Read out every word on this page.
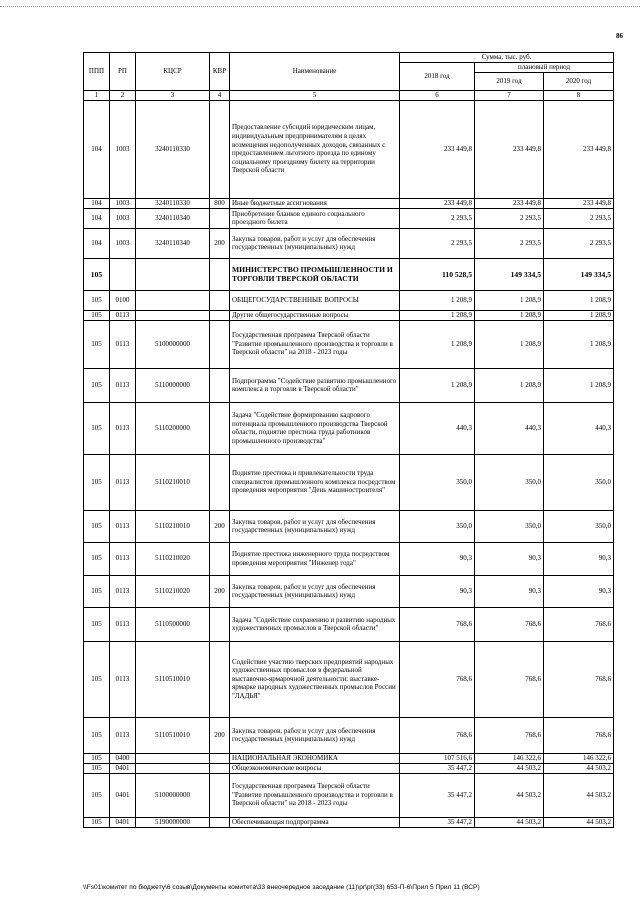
86
ППП	РП	КЦСР	КВР	Наименование	Сумма, тыс. руб.		
					2018 год	плановый период	
						2019 год	2020 год
1	2	3	4	5	6	7	8
104	1003	3240110330		Предоставление субсидий юридическим лицам, индивидуальным предпринимателям в целях возмещения недополученных доходов, связанных с предоставлением льготного проезда по единому социальному проездному билету на территории Тверской области	233 449,8	233 449,8	233 449,8
104	1003	3240110330	800	Иные бюджетные ассигнования	233 449,8	233 449,8	233 449,8
104	1003	3240110340		Приобретение бланков единого социального проездного билета	2 293,5	2 293,5	2 293,5
104	1003	3240110340	200	Закупка товаров, работ и услуг для обеспечения государственных (муниципальных) нужд	2 293,5	2 293,5	2 293,5
105				МИНИСТЕРСТВО ПРОМЫШЛЕННОСТИ И ТОРГОВЛИ ТВЕРСКОЙ ОБЛАСТИ	110 528,5	149 334,5	149 334,5
105	0100			ОБЩЕГОСУДАРСТВЕННЫЕ ВОПРОСЫ	1 208,9	1 208,9	1 208,9
105	0113			Другие общегосударственные вопросы	1 208,9	1 208,9	1 208,9
105	0113	5100000000		Государственная программа Тверской области "Развитие промышленного производства и торговли в Тверской области" на 2018 - 2023 годы	1 208,9	1 208,9	1 208,9
105	0113	5110000000		Подпрограмма "Содействие развитию промышленного комплекса и торговли в Тверской области"	1 208,9	1 208,9	1 208,9
105	0113	5110200000		Задача "Содействие формированию кадрового потенциала промышленного производства Тверской области, поднятие престижа труда работников промышленного производства"	440,3	440,3	440,3
105	0113	5110210010		Поднятие престижа и привлекательности труда специалистов промышленного комплекса посредством проведения мероприятия "День машиностроителя"	350,0	350,0	350,0
105	0113	5110210010	200	Закупка товаров, работ и услуг для обеспечения государственных (муниципальных) нужд	350,0	350,0	350,0
105	0113	5110210020		Поднятие престижа инженерного труда посредством проведения мероприятия "Инженер года"	90,3	90,3	90,3
105	0113	5110210020	200	Закупка товаров, работ и услуг для обеспечения государственных (муниципальных) нужд	90,3	90,3	90,3
105	0113	5110500000		Задача "Содействие сохранению и развитию народных художественных промыслов в Тверской области"	768,6	768,6	768,6
105	0113	5110510010		Содействие участию тверских предприятий народных художественных промыслов в федеральной выставочно-ярмарочной деятельности: выставке-ярмарке народных художественных промыслов России "ЛАДЬЯ"	768,6	768,6	768,6
105	0113	5110510010	200	Закупка товаров, работ и услуг для обеспечения государственных (муниципальных) нужд	768,6	768,6	768,6
105	0400			НАЦИОНАЛЬНАЯ ЭКОНОМИКА	107 516,6	146 322,6	146 322,6
105	0401			Общеэкономические вопросы	35 447,2	44 503,2	44 503,2
105	0401	5100000000		Государственная программа Тверской области "Развитие промышленного производства и торговли в Тверской области" на 2018 - 2023 годы	35 447,2	44 503,2	44 503,2
105	0401	5190000000		Обеспечивающая подпрограмма	35 447,2	44 503,2	44 503,2
\\Fs01\комитет по бюджету\6 созыв\Документы комитета\33 внеочередное заседание (11)\pr\рг(33) 653-П-6\Прил 5 Прил 11 (ВСР)
